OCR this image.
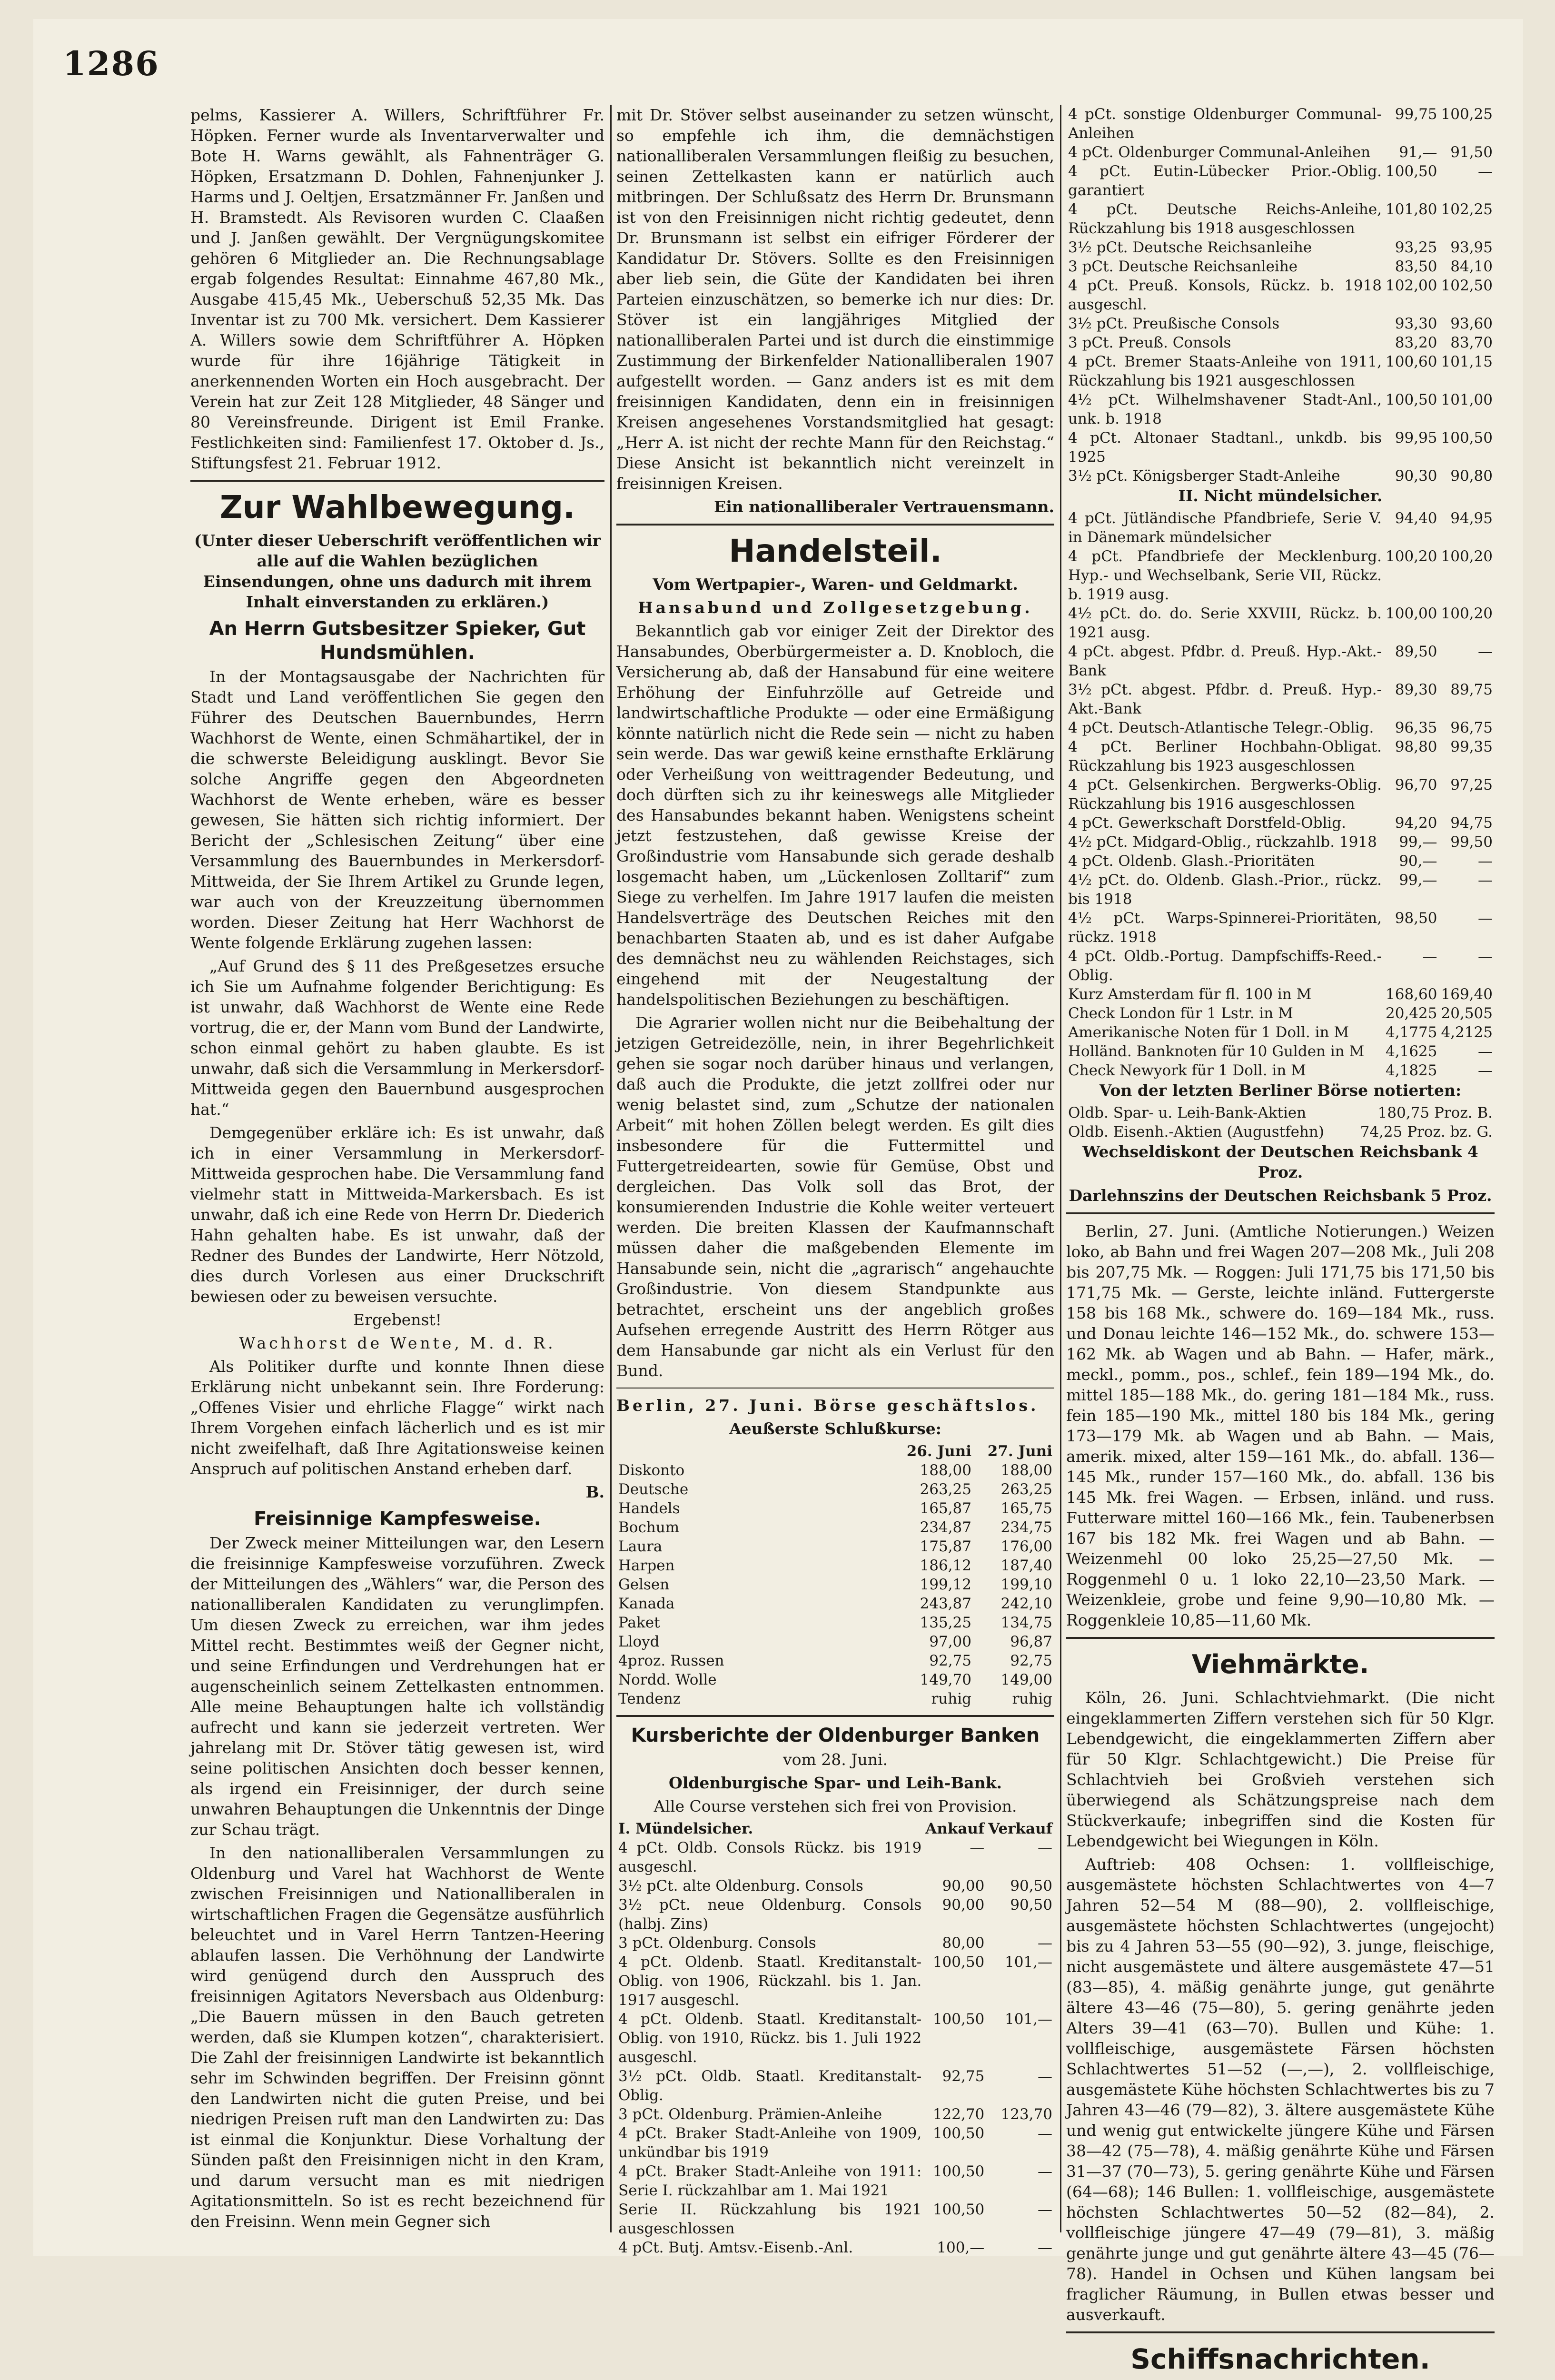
1286

pelms, Kassierer A. Willers, Schriftführer Fr. Höpken. Ferner wurde als Inventarverwalter und Bote H. Warns gewählt, als Fahnenträger G. Höpken, Ersatzmann D. Dohlen, Fahnenjunker J. Harms und J. Oeltjen, Ersatzmänner Fr. Janßen und H. Bramstedt. Als Revisoren wurden C. Claaßen und J. Janßen gewählt. Der Vergnügungskomitee gehören 6 Mitglieder an. Die Rechnungsablage ergab folgendes Resultat: Einnahme 467,80 Mk., Ausgabe 415,45 Mk., Ueberschuß 52,35 Mk. Das Inventar ist zu 700 Mk. versichert. Dem Kassierer A. Willers sowie dem Schriftführer A. Höpken wurde für ihre 16jährige Tätigkeit in anerkennenden Worten ein Hoch ausgebracht. Der Verein hat zur Zeit 128 Mitglieder, 48 Sänger und 80 Vereinsfreunde. Dirigent ist Emil Franke. Festlichkeiten sind: Familienfest 17. Oktober d. Js., Stiftungsfest 21. Februar 1912.

Zur Wahlbewegung.

(Unter dieser Ueberschrift veröffentlichen wir alle auf die Wahlen bezüglichen Einsendungen, ohne uns dadurch mit ihrem Inhalt einverstanden zu erklären.)

An Herrn Gutsbesitzer Spieker, Gut Hundsmühlen.

In der Montagsausgabe der Nachrichten für Stadt und Land veröffentlichen Sie gegen den Führer des Deutschen Bauernbundes, Herrn Wachhorst de Wente, einen Schmähartikel, der in die schwerste Beleidigung ausklingt. Bevor Sie solche Angriffe gegen den Abgeordneten Wachhorst de Wente erheben, wäre es besser gewesen, Sie hätten sich richtig informiert. Der Bericht der „Schlesischen Zeitung“ über eine Versammlung des Bauernbundes in Merkersdorf-Mittweida, der Sie Ihrem Artikel zu Grunde legen, war auch von der Kreuzzeitung übernommen worden. Dieser Zeitung hat Herr Wachhorst de Wente folgende Erklärung zugehen lassen:

„Auf Grund des § 11 des Preßgesetzes ersuche ich Sie um Aufnahme folgender Berichtigung: Es ist unwahr, daß Wachhorst de Wente eine Rede vortrug, die er, der Mann vom Bund der Landwirte, schon einmal gehört zu haben glaubte. Es ist unwahr, daß sich die Versammlung in Merkersdorf-Mittweida gegen den Bauernbund ausgesprochen hat.“

Demgegenüber erkläre ich: Es ist unwahr, daß ich in einer Versammlung in Merkersdorf-Mittweida gesprochen habe. Die Versammlung fand vielmehr statt in Mittweida-Markersbach. Es ist unwahr, daß ich eine Rede von Herrn Dr. Diederich Hahn gehalten habe. Es ist unwahr, daß der Redner des Bundes der Landwirte, Herr Nötzold, dies durch Vorlesen aus einer Druckschrift bewiesen oder zu beweisen versuchte.

Ergebenst!

Wachhorst de Wente, M. d. R.

Als Politiker durfte und konnte Ihnen diese Erklärung nicht unbekannt sein. Ihre Forderung: „Offenes Visier und ehrliche Flagge“ wirkt nach Ihrem Vorgehen einfach lächerlich und es ist mir nicht zweifelhaft, daß Ihre Agitationsweise keinen Anspruch auf politischen Anstand erheben darf.

B.

Freisinnige Kampfesweise.

Der Zweck meiner Mitteilungen war, den Lesern die freisinnige Kampfesweise vorzuführen. Zweck der Mitteilungen des „Wählers“ war, die Person des nationalliberalen Kandidaten zu verunglimpfen. Um diesen Zweck zu erreichen, war ihm jedes Mittel recht. Bestimmtes weiß der Gegner nicht, und seine Erfindungen und Verdrehungen hat er augenscheinlich seinem Zettelkasten entnommen. Alle meine Behauptungen halte ich vollständig aufrecht und kann sie jederzeit vertreten. Wer jahrelang mit Dr. Stöver tätig gewesen ist, wird seine politischen Ansichten doch besser kennen, als irgend ein Freisinniger, der durch seine unwahren Behauptungen die Unkenntnis der Dinge zur Schau trägt.

In den nationalliberalen Versammlungen zu Oldenburg und Varel hat Wachhorst de Wente zwischen Freisinnigen und Nationalliberalen in wirtschaftlichen Fragen die Gegensätze ausführlich beleuchtet und in Varel Herrn Tantzen-Heering ablaufen lassen. Die Verhöhnung der Landwirte wird genügend durch den Ausspruch des freisinnigen Agitators Neversbach aus Oldenburg: „Die Bauern müssen in den Bauch getreten werden, daß sie Klumpen kotzen“, charakterisiert. Die Zahl der freisinnigen Landwirte ist bekanntlich sehr im Schwinden begriffen. Der Freisinn gönnt den Landwirten nicht die guten Preise, und bei niedrigen Preisen ruft man den Landwirten zu: Das ist einmal die Konjunktur. Diese Vorhaltung der Sünden paßt den Freisinnigen nicht in den Kram, und darum versucht man es mit niedrigen Agitationsmitteln. So ist es recht bezeichnend für den Freisinn. Wenn mein Gegner sich

mit Dr. Stöver selbst auseinander zu setzen wünscht, so empfehle ich ihm, die demnächstigen nationalliberalen Versammlungen fleißig zu besuchen, seinen Zettelkasten kann er natürlich auch mitbringen. Der Schlußsatz des Herrn Dr. Brunsmann ist von den Freisinnigen nicht richtig gedeutet, denn Dr. Brunsmann ist selbst ein eifriger Förderer der Kandidatur Dr. Stövers. Sollte es den Freisinnigen aber lieb sein, die Güte der Kandidaten bei ihren Parteien einzuschätzen, so bemerke ich nur dies: Dr. Stöver ist ein langjähriges Mitglied der nationalliberalen Partei und ist durch die einstimmige Zustimmung der Birkenfelder Nationalliberalen 1907 aufgestellt worden. — Ganz anders ist es mit dem freisinnigen Kandidaten, denn ein in freisinnigen Kreisen angesehenes Vorstandsmitglied hat gesagt: „Herr A. ist nicht der rechte Mann für den Reichstag.“ Diese Ansicht ist bekanntlich nicht vereinzelt in freisinnigen Kreisen.

Ein nationalliberaler Vertrauensmann.

Handelsteil.

Vom Wertpapier-, Waren- und Geldmarkt.

Hansabund und Zollgesetzgebung.

Bekanntlich gab vor einiger Zeit der Direktor des Hansabundes, Oberbürgermeister a. D. Knobloch, die Versicherung ab, daß der Hansabund für eine weitere Erhöhung der Einfuhrzölle auf Getreide und landwirtschaftliche Produkte — oder eine Ermäßigung könnte natürlich nicht die Rede sein — nicht zu haben sein werde. Das war gewiß keine ernsthafte Erklärung oder Verheißung von weittragender Bedeutung, und doch dürften sich zu ihr keineswegs alle Mitglieder des Hansabundes bekannt haben. Wenigstens scheint jetzt festzustehen, daß gewisse Kreise der Großindustrie vom Hansabunde sich gerade deshalb losgemacht haben, um „Lückenlosen Zolltarif“ zum Siege zu verhelfen. Im Jahre 1917 laufen die meisten Handelsverträge des Deutschen Reiches mit den benachbarten Staaten ab, und es ist daher Aufgabe des demnächst neu zu wählenden Reichstages, sich eingehend mit der Neugestaltung der handelspolitischen Beziehungen zu beschäftigen.

Die Agrarier wollen nicht nur die Beibehaltung der jetzigen Getreidezölle, nein, in ihrer Begehrlichkeit gehen sie sogar noch darüber hinaus und verlangen, daß auch die Produkte, die jetzt zollfrei oder nur wenig belastet sind, zum „Schutze der nationalen Arbeit“ mit hohen Zöllen belegt werden. Es gilt dies insbesondere für die Futtermittel und Futtergetreidearten, sowie für Gemüse, Obst und dergleichen. Das Volk soll das Brot, der konsumierenden Industrie die Kohle weiter verteuert werden. Die breiten Klassen der Kaufmannschaft müssen daher die maßgebenden Elemente im Hansabunde sein, nicht die „agrarisch“ angehauchte Großindustrie. Von diesem Standpunkte aus betrachtet, erscheint uns der angeblich großes Aufsehen erregende Austritt des Herrn Rötger aus dem Hansabunde gar nicht als ein Verlust für den Bund.

Berlin, 27. Juni. Börse geschäftslos.

Aeußerste Schlußkurse:

	26. Juni	27. Juni
Diskonto	188,00	188,00
Deutsche	263,25	263,25
Handels	165,87	165,75
Bochum	234,87	234,75
Laura	175,87	176,00
Harpen	186,12	187,40
Gelsen	199,12	199,10
Kanada	243,87	242,10
Paket	135,25	134,75
Lloyd	97,00	96,87
4proz. Russen	92,75	92,75
Nordd. Wolle	149,70	149,00
Tendenz	ruhig	ruhig
Kursberichte der Oldenburger Banken

vom 28. Juni.

Oldenburgische Spar- und Leih-Bank.

Alle Course verstehen sich frei von Provision.

I. Mündelsicher.	Ankauf	Verkauf
4 pCt. Oldb. Consols Rückz. bis 1919 ausgeschl.	—	—
3½ pCt. alte Oldenburg. Consols	90,00	90,50
3½ pCt. neue Oldenburg. Consols (halbj. Zins)	90,00	90,50
3 pCt. Oldenburg. Consols	80,00	—
4 pCt. Oldenb. Staatl. Kreditanstalt-Oblig. von 1906, Rückzahl. bis 1. Jan. 1917 ausgeschl.	100,50	101,—
4 pCt. Oldenb. Staatl. Kreditanstalt-Oblig. von 1910, Rückz. bis 1. Juli 1922 ausgeschl.	100,50	101,—
3½ pCt. Oldb. Staatl. Kreditanstalt-Oblig.	92,75	—
3 pCt. Oldenburg. Prämien-Anleihe	122,70	123,70
4 pCt. Braker Stadt-Anleihe von 1909, unkündbar bis 1919	100,50	—
4 pCt. Braker Stadt-Anleihe von 1911: Serie I. rückzahlbar am 1. Mai 1921	100,50	—
Serie II. Rückzahlung bis 1921 ausgeschlossen	100,50	—
4 pCt. Butj. Amtsv.-Eisenb.-Anl.	100,—	—
4 pCt. sonstige Oldenburger Communal-Anleihen	99,75	100,25
4 pCt. Oldenburger Communal-Anleihen	91,—	91,50
4 pCt. Eutin-Lübecker Prior.-Oblig. garantiert	100,50	—
4 pCt. Deutsche Reichs-Anleihe, Rückzahlung bis 1918 ausgeschlossen	101,80	102,25
3½ pCt. Deutsche Reichsanleihe	93,25	93,95
3 pCt. Deutsche Reichsanleihe	83,50	84,10
4 pCt. Preuß. Konsols, Rückz. b. 1918 ausgeschl.	102,00	102,50
3½ pCt. Preußische Consols	93,30	93,60
3 pCt. Preuß. Consols	83,20	83,70
4 pCt. Bremer Staats-Anleihe von 1911, Rückzahlung bis 1921 ausgeschlossen	100,60	101,15
4½ pCt. Wilhelmshavener Stadt-Anl., unk. b. 1918	100,50	101,00
4 pCt. Altonaer Stadtanl., unkdb. bis 1925	99,95	100,50
3½ pCt. Königsberger Stadt-Anleihe	90,30	90,80

II. Nicht mündelsicher.

4 pCt. Jütländische Pfandbriefe, Serie V. in Dänemark mündelsicher	94,40	94,95
4 pCt. Pfandbriefe der Mecklenburg. Hyp.- und Wechselbank, Serie VII, Rückz. b. 1919 ausg.	100,20	100,20
4½ pCt. do. do. Serie XXVIII, Rückz. b. 1921 ausg.	100,00	100,20
4 pCt. abgest. Pfdbr. d. Preuß. Hyp.-Akt.-Bank	89,50	—
3½ pCt. abgest. Pfdbr. d. Preuß. Hyp.-Akt.-Bank	89,30	89,75
4 pCt. Deutsch-Atlantische Telegr.-Oblig.	96,35	96,75
4 pCt. Berliner Hochbahn-Obligat. Rückzahlung bis 1923 ausgeschlossen	98,80	99,35
4 pCt. Gelsenkirchen. Bergwerks-Oblig. Rückzahlung bis 1916 ausgeschlossen	96,70	97,25
4 pCt. Gewerkschaft Dorstfeld-Oblig.	94,20	94,75
4½ pCt. Midgard-Oblig., rückzahlb. 1918	99,—	99,50
4 pCt. Oldenb. Glash.-Prioritäten	90,—	—
4½ pCt. do. Oldenb. Glash.-Prior., rückz. bis 1918	99,—	—
4½ pCt. Warps-Spinnerei-Prioritäten, rückz. 1918	98,50	—
4 pCt. Oldb.-Portug. Dampfschiffs-Reed.-Oblig.	—	—
Kurz Amsterdam für fl. 100 in M	168,60	169,40
Check London für 1 Lstr. in M	20,425	20,505
Amerikanische Noten für 1 Doll. in M	4,1775	4,2125
Holländ. Banknoten für 10 Gulden in M	4,1625	—
Check Newyork für 1 Doll. in M	4,1825	—

Von der letzten Berliner Börse notierten:

Oldb. Spar- u. Leih-Bank-Aktien	180,75 Proz. B.
Oldb. Eisenh.-Aktien (Augustfehn)	74,25 Proz. bz. G.

Wechseldiskont der Deutschen Reichsbank 4 Proz.

Darlehnszins der Deutschen Reichsbank 5 Proz.

Berlin, 27. Juni. (Amtliche Notierungen.) Weizen loko, ab Bahn und frei Wagen 207—208 Mk., Juli 208 bis 207,75 Mk. — Roggen: Juli 171,75 bis 171,50 bis 171,75 Mk. — Gerste, leichte inländ. Futtergerste 158 bis 168 Mk., schwere do. 169—184 Mk., russ. und Donau leichte 146—152 Mk., do. schwere 153—162 Mk. ab Wagen und ab Bahn. — Hafer, märk., meckl., pomm., pos., schlef., fein 189—194 Mk., do. mittel 185—188 Mk., do. gering 181—184 Mk., russ. fein 185—190 Mk., mittel 180 bis 184 Mk., gering 173—179 Mk. ab Wagen und ab Bahn. — Mais, amerik. mixed, alter 159—161 Mk., do. abfall. 136—145 Mk., runder 157—160 Mk., do. abfall. 136 bis 145 Mk. frei Wagen. — Erbsen, inländ. und russ. Futterware mittel 160—166 Mk., fein. Taubenerbsen 167 bis 182 Mk. frei Wagen und ab Bahn. — Weizenmehl 00 loko 25,25—27,50 Mk. — Roggenmehl 0 u. 1 loko 22,10—23,50 Mark. — Weizenkleie, grobe und feine 9,90—10,80 Mk. — Roggenkleie 10,85—11,60 Mk.

Viehmärkte.

Köln, 26. Juni. Schlachtviehmarkt. (Die nicht eingeklammerten Ziffern verstehen sich für 50 Klgr. Lebendgewicht, die eingeklammerten Ziffern aber für 50 Klgr. Schlachtgewicht.) Die Preise für Schlachtvieh bei Großvieh verstehen sich überwiegend als Schätzungspreise nach dem Stückverkaufe; inbegriffen sind die Kosten für Lebendgewicht bei Wiegungen in Köln.

Auftrieb: 408 Ochsen: 1. vollfleischige, ausgemästete höchsten Schlachtwertes von 4—7 Jahren 52—54 M (88—90), 2. vollfleischige, ausgemästete höchsten Schlachtwertes (ungejocht) bis zu 4 Jahren 53—55 (90—92), 3. junge, fleischige, nicht ausgemästete und ältere ausgemästete 47—51 (83—85), 4. mäßig genährte junge, gut genährte ältere 43—46 (75—80), 5. gering genährte jeden Alters 39—41 (63—70). Bullen und Kühe: 1. vollfleischige, ausgemästete Färsen höchsten Schlachtwertes 51—52 (—,—), 2. vollfleischige, ausgemästete Kühe höchsten Schlachtwertes bis zu 7 Jahren 43—46 (79—82), 3. ältere ausgemästete Kühe und wenig gut entwickelte jüngere Kühe und Färsen 38—42 (75—78), 4. mäßig genährte Kühe und Färsen 31—37 (70—73), 5. gering genährte Kühe und Färsen (64—68); 146 Bullen: 1. vollfleischige, ausgemästete höchsten Schlachtwertes 50—52 (82—84), 2. vollfleischige jüngere 47—49 (79—81), 3. mäßig genährte junge und gut genährte ältere 43—45 (76—78). Handel in Ochsen und Kühen langsam bei fraglicher Räumung, in Bullen etwas besser und ausverkauft.

Schiffsnachrichten.
